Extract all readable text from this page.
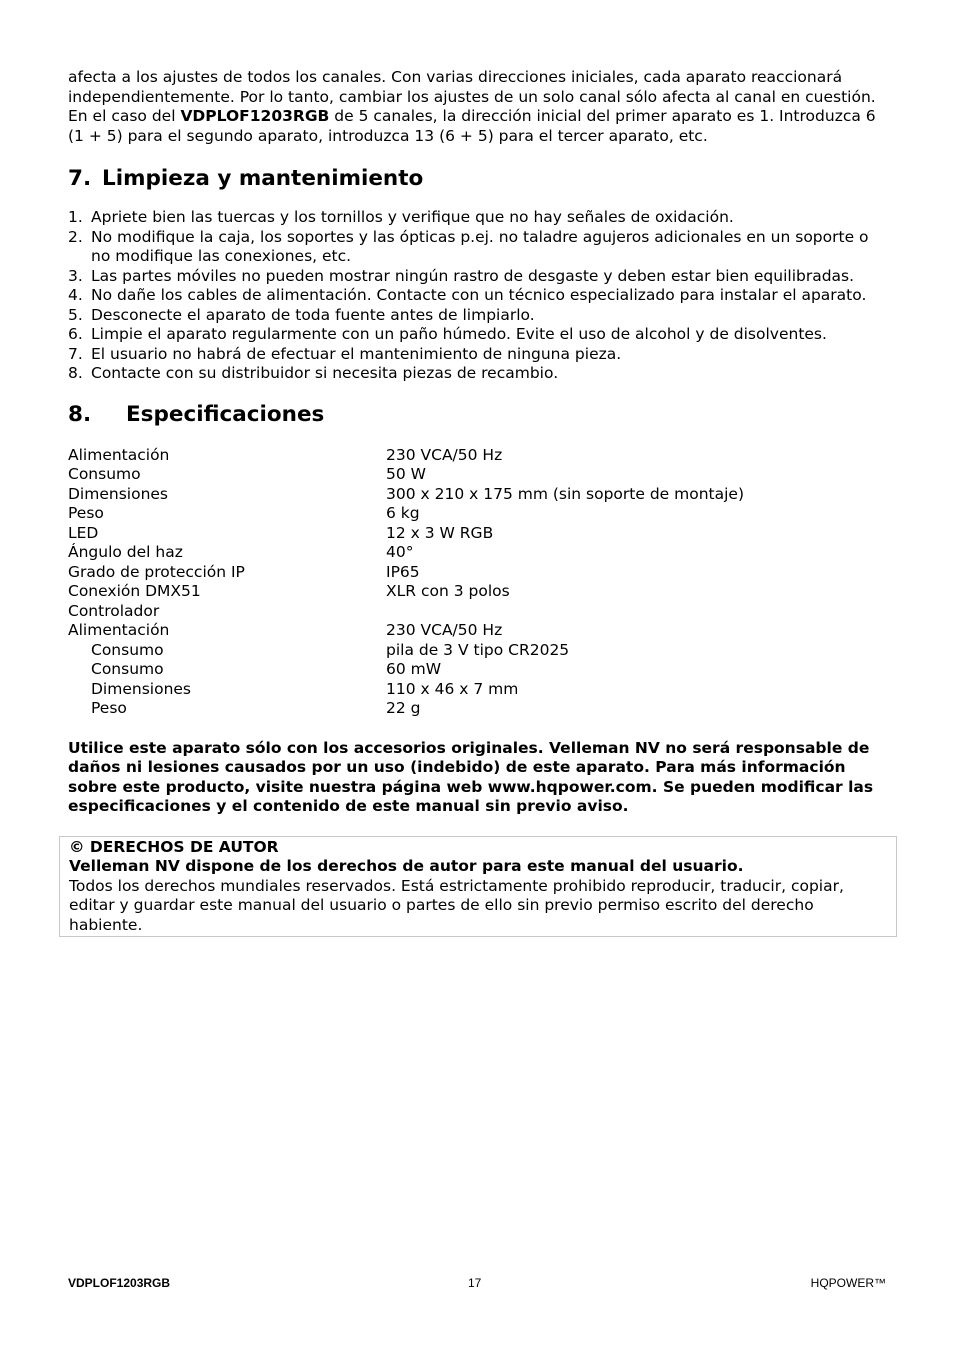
afecta a los ajustes de todos los canales. Con varias direcciones iniciales, cada aparato reaccionará independientemente. Por lo tanto, cambiar los ajustes de un solo canal sólo afecta al canal en cuestión.

En el caso del VDPLOF1203RGB de 5 canales, la dirección inicial del primer aparato es 1. Introduzca 6 (1 + 5) para el segundo aparato, introduzca 13 (6 + 5) para el tercer aparato, etc.

7. Limpieza y mantenimiento
1. Apriete bien las tuercas y los tornillos y verifique que no hay señales de oxidación.
2. No modifique la caja, los soportes y las ópticas p.ej. no taladre agujeros adicionales en un soporte o no modifique las conexiones, etc.
3. Las partes móviles no pueden mostrar ningún rastro de desgaste y deben estar bien equilibradas.
4. No dañe los cables de alimentación. Contacte con un técnico especializado para instalar el aparato.
5. Desconecte el aparato de toda fuente antes de limpiarlo.
6. Limpie el aparato regularmente con un paño húmedo. Evite el uso de alcohol y de disolventes.
7. El usuario no habrá de efectuar el mantenimiento de ninguna pieza.
8. Contacte con su distribuidor si necesita piezas de recambio.
8. Especificaciones
Alimentación	230 VCA/50 Hz
Consumo	50 W
Dimensiones	300 x 210 x 175 mm (sin soporte de montaje)
Peso	6 kg
LED	12 x 3 W RGB
Ángulo del haz	40°
Grado de protección IP	IP65
Conexión DMX51	XLR con 3 polos
Controlador	
Alimentación	230 VCA/50 Hz
Consumo	pila de 3 V tipo CR2025
Consumo	60 mW
Dimensiones	110 x 46 x 7 mm
Peso	22 g

Utilice este aparato sólo con los accesorios originales. Velleman NV no será responsable de daños ni lesiones causados por un uso (indebido) de este aparato. Para más información sobre este producto, visite nuestra página web www.hqpower.com. Se pueden modificar las especificaciones y el contenido de este manual sin previo aviso.

© DERECHOS DE AUTOR

Velleman NV dispone de los derechos de autor para este manual del usuario.

Todos los derechos mundiales reservados. Está estrictamente prohibido reproducir, traducir, copiar, editar y guardar este manual del usuario o partes de ello sin previo permiso escrito del derecho habiente.

VDPLOF1203RGB	17	HQPOWER™
